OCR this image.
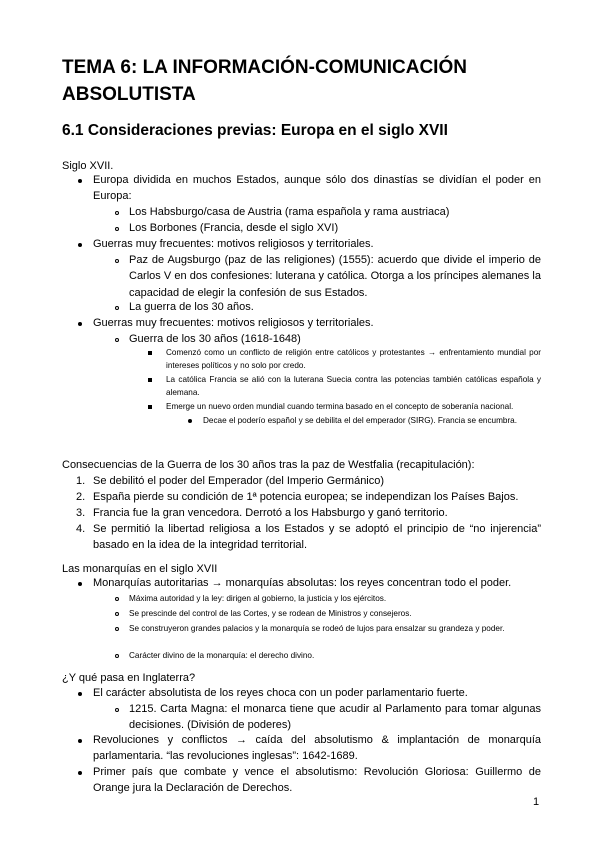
TEMA 6: LA INFORMACIÓN-COMUNICACIÓN ABSOLUTISTA
6.1 Consideraciones previas: Europa en el siglo XVII
Siglo XVII.
Europa dividida en muchos Estados, aunque sólo dos dinastías se dividían el poder en Europa:
Los Habsburgo/casa de Austria (rama española y rama austriaca)
Los Borbones (Francia, desde el siglo XVI)
Guerras muy frecuentes: motivos religiosos y territoriales.
Paz de Augsburgo (paz de las religiones) (1555): acuerdo que divide el imperio de Carlos V en dos confesiones: luterana y católica. Otorga a los príncipes alemanes la capacidad de elegir la confesión de sus Estados.
La guerra de los 30 años.
Guerras muy frecuentes: motivos religiosos y territoriales.
Guerra de los 30 años (1618-1648)
Comenzó como un conflicto de religión entre católicos y protestantes → enfrentamiento mundial por intereses políticos y no solo por credo.
La católica Francia se alió con la luterana Suecia contra las potencias también católicas española y alemana.
Emerge un nuevo orden mundial cuando termina basado en el concepto de soberanía nacional.
Decae el poderío español y se debilita el del emperador (SIRG). Francia se encumbra.
Consecuencias de la Guerra de los 30 años tras la paz de Westfalia (recapitulación):
1. Se debilitó el poder del Emperador (del Imperio Germánico)
2. España pierde su condición de 1ª potencia europea; se independizan los Países Bajos.
3. Francia fue la gran vencedora. Derrotó a los Habsburgo y ganó territorio.
4. Se permitió la libertad religiosa a los Estados y se adoptó el principio de “no injerencia” basado en la idea de la integridad territorial.
Las monarquías en el siglo XVII
Monarquías autoritarias → monarquías absolutas: los reyes concentran todo el poder.
Máxima autoridad y la ley: dirigen al gobierno, la justicia y los ejércitos.
Se prescinde del control de las Cortes, y se rodean de Ministros y consejeros.
Se construyeron grandes palacios y la monarquía se rodeó de lujos para ensalzar su grandeza y poder.
Carácter divino de la monarquía: el derecho divino.
¿Y qué pasa en Inglaterra?
El carácter absolutista de los reyes choca con un poder parlamentario fuerte.
1215. Carta Magna: el monarca tiene que acudir al Parlamento para tomar algunas decisiones. (División de poderes)
Revoluciones y conflictos → caída del absolutismo & implantación de monarquía parlamentaria. “las revoluciones inglesas”: 1642-1689.
Primer país que combate y vence el absolutismo: Revolución Gloriosa: Guillermo de Orange jura la Declaración de Derechos.
1
